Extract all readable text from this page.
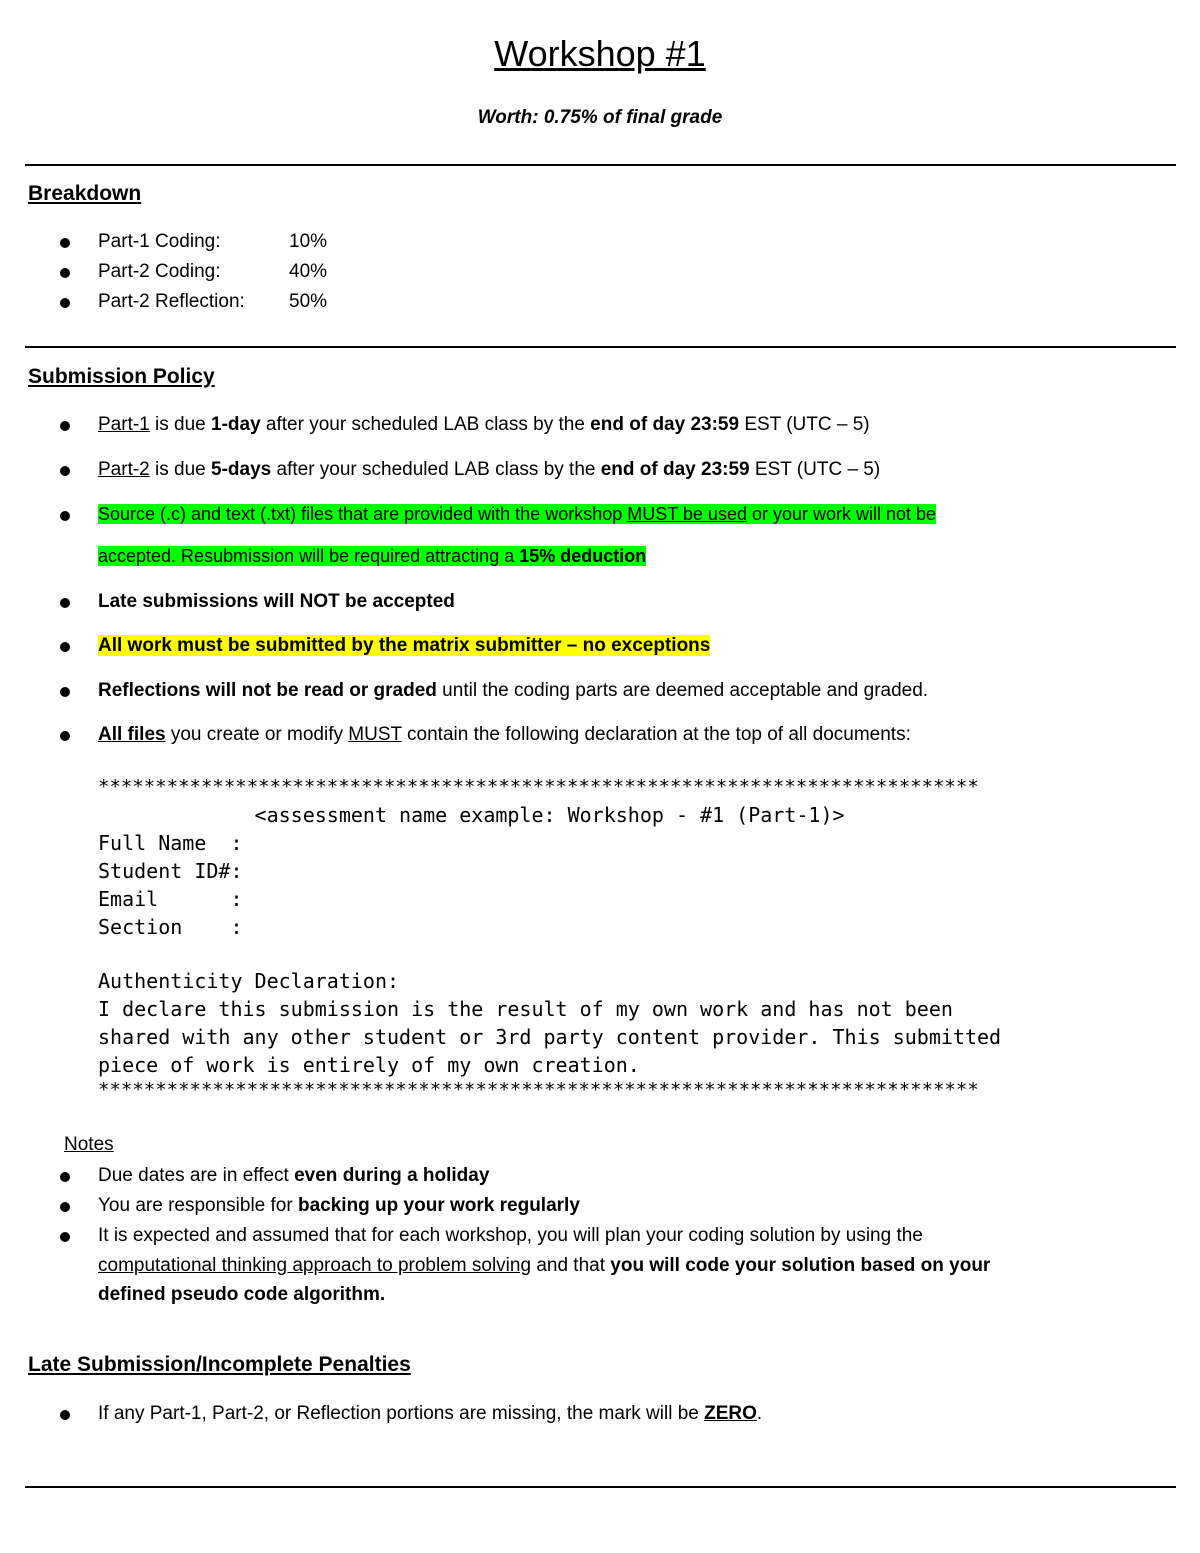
Workshop #1
Worth: 0.75% of final grade
Breakdown
Part-1 Coding:	10%
Part-2 Coding:	40%
Part-2 Reflection: 50%
Submission Policy
Part-1 is due 1-day after your scheduled LAB class by the end of day 23:59 EST (UTC – 5)
Part-2 is due 5-days after your scheduled LAB class by the end of day 23:59 EST (UTC – 5)
Source (.c) and text (.txt) files that are provided with the workshop MUST be used or your work will not be
accepted. Resubmission will be required attracting a 15% deduction
Late submissions will NOT be accepted
All work must be submitted by the matrix submitter – no exceptions
Reflections will not be read or graded until the coding parts are deemed acceptable and graded.
All files you create or modify MUST contain the following declaration at the top of all documents:
*****************************************************************************
<assessment name example: Workshop - #1 (Part-1)>
Full Name  :
Student ID#:
Email      :
Section    :
Authenticity Declaration:
I declare this submission is the result of my own work and has not been
shared with any other student or 3rd party content provider. This submitted
piece of work is entirely of my own creation.
*****************************************************************************
Notes
Due dates are in effect even during a holiday
You are responsible for backing up your work regularly
It is expected and assumed that for each workshop, you will plan your coding solution by using the
computational thinking approach to problem solving and that you will code your solution based on your
defined pseudo code algorithm.
Late Submission/Incomplete Penalties
If any Part-1, Part-2, or Reflection portions are missing, the mark will be ZERO.
